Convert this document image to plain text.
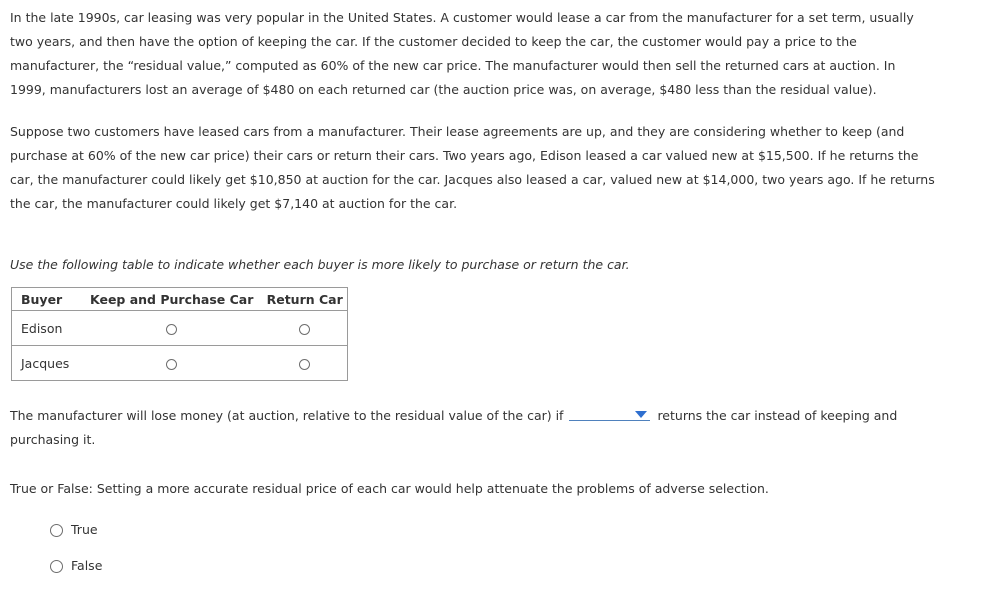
In the late 1990s, car leasing was very popular in the United States. A customer would lease a car from the manufacturer for a set term, usually two years, and then have the option of keeping the car. If the customer decided to keep the car, the customer would pay a price to the manufacturer, the “residual value,” computed as 60% of the new car price. The manufacturer would then sell the returned cars at auction. In 1999, manufacturers lost an average of $480 on each returned car (the auction price was, on average, $480 less than the residual value).

Suppose two customers have leased cars from a manufacturer. Their lease agreements are up, and they are considering whether to keep (and purchase at 60% of the new car price) their cars or return their cars. Two years ago, Edison leased a car valued new at $15,500. If he returns the car, the manufacturer could likely get $10,850 at auction for the car. Jacques also leased a car, valued new at $14,000, two years ago. If he returns the car, the manufacturer could likely get $7,140 at auction for the car.

Use the following table to indicate whether each buyer is more likely to purchase or return the car.

Buyer	Keep and Purchase Car	Return Car
Edison		
Jacques		

The manufacturer will lose money (at auction, relative to the residual value of the car) if	returns the car instead of keeping and purchasing it.

True or False: Setting a more accurate residual price of each car would help attenuate the problems of adverse selection.

True
False
